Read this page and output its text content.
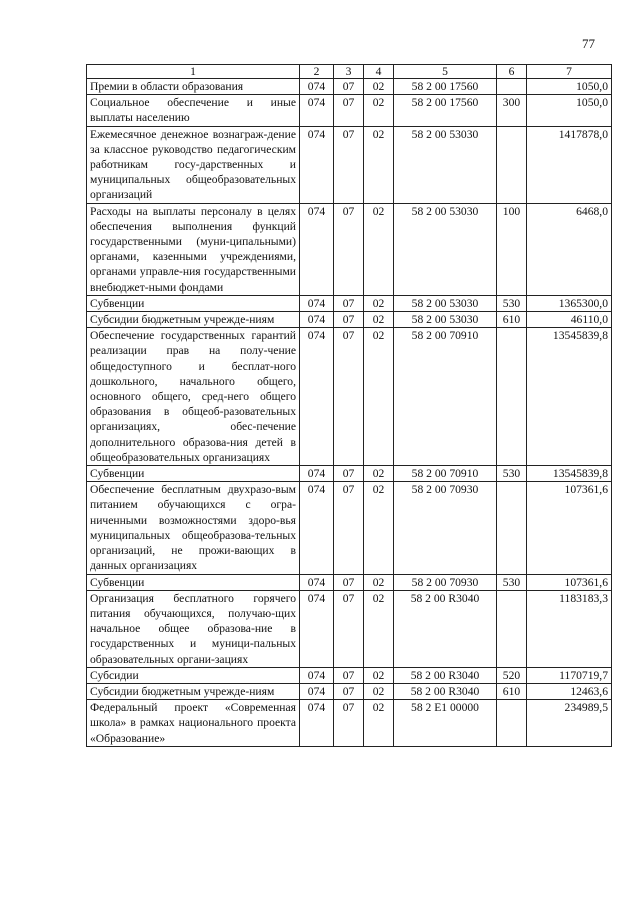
77
1	2	3	4	5	6	7
Премии в области образования	074	07	02	58 2 00 17560		1050,0
Социальное обеспечение и иные выплаты населению	074	07	02	58 2 00 17560	300	1050,0
Ежемесячное денежное вознаграж-дение за классное руководство педагогическим работникам госу-дарственных и муниципальных общеобразовательных организаций	074	07	02	58 2 00 53030		1417878,0
Расходы на выплаты персоналу в целях обеспечения выполнения функций государственными (муни-ципальными) органами, казенными учреждениями, органами управле-ния государственными внебюджет-ными фондами	074	07	02	58 2 00 53030	100	6468,0
Субвенции	074	07	02	58 2 00 53030	530	1365300,0
Субсидии бюджетным учрежде-ниям	074	07	02	58 2 00 53030	610	46110,0
Обеспечение государственных гарантий реализации прав на полу-чение общедоступного и бесплат-ного дошкольного, начального общего, основного общего, сред-него общего образования в общеоб-разовательных организациях, обес-печение дополнительного образова-ния детей в общеобразовательных организациях	074	07	02	58 2 00 70910		13545839,8
Субвенции	074	07	02	58 2 00 70910	530	13545839,8
Обеспечение бесплатным двухразо-вым питанием обучающихся с огра-ниченными возможностями здоро-вья муниципальных общеобразова-тельных организаций, не прожи-вающих в данных организациях	074	07	02	58 2 00 70930		107361,6
Субвенции	074	07	02	58 2 00 70930	530	107361,6
Организация бесплатного горячего питания обучающихся, получаю-щих начальное общее образова-ние в государственных и муници-пальных образовательных органи-зациях	074	07	02	58 2 00 R3040		1183183,3
Субсидии	074	07	02	58 2 00 R3040	520	1170719,7
Субсидии бюджетным учрежде-ниям	074	07	02	58 2 00 R3040	610	12463,6
Федеральный проект «Современная школа» в рамках национального проекта «Образование»	074	07	02	58 2 E1 00000		234989,5
